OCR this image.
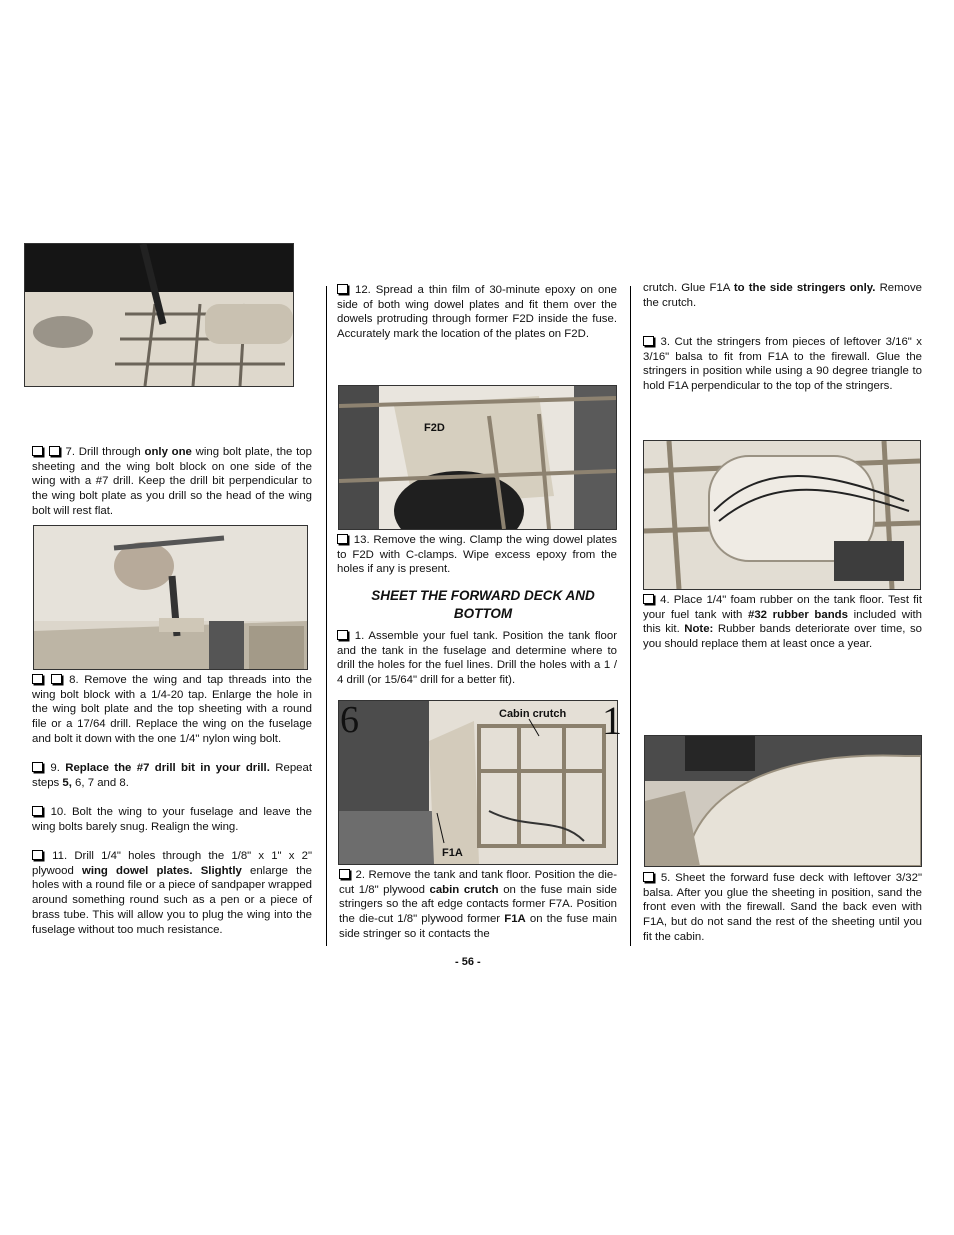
7. Drill through only one wing bolt plate, the top sheeting and the wing bolt block on one side of the wing with a #7 drill. Keep the drill bit perpendicular to the wing bolt plate as you drill so the head of the wing bolt will rest flat.

8. Remove the wing and tap threads into the wing bolt block with a 1/4-20 tap. Enlarge the hole in the wing bolt plate and the top sheeting with a round file or a 17/64 drill. Replace the wing on the fuselage and bolt it down with the one 1/4" nylon wing bolt.

9. Replace the #7 drill bit in your drill. Repeat steps 5, 6, 7 and 8.

10. Bolt the wing to your fuselage and leave the wing bolts barely snug. Realign the wing.

11. Drill 1/4" holes through the 1/8" x 1" x 2" plywood wing dowel plates. Slightly enlarge the holes with a round file or a piece of sandpaper wrapped around something round such as a pen or a piece of brass tube. This will allow you to plug the wing into the fuselage without too much resistance.

12. Spread a thin film of 30-minute epoxy on one side of both wing dowel plates and fit them over the dowels protruding through former F2D inside the fuse. Accurately mark the location of the plates on F2D.

F2D

13. Remove the wing. Clamp the wing dowel plates to F2D with C-clamps. Wipe excess epoxy from the holes if any is present.

SHEET THE FORWARD DECK AND BOTTOM

1. Assemble your fuel tank. Position the tank floor and the tank in the fuselage and determine where to drill the holes for the fuel lines. Drill the holes with a 1 / 4 drill (or 15/64" drill for a better fit).

Cabin crutch
F1A
6	1

2. Remove the tank and tank floor. Position the die-cut 1/8" plywood cabin crutch on the fuse main side stringers so the aft edge contacts former F7A. Position the die-cut 1/8" plywood former F1A on the fuse main side stringer so it contacts the

crutch. Glue F1A to the side stringers only. Remove the crutch.

3. Cut the stringers from pieces of leftover 3/16" x 3/16" balsa to fit from F1A to the firewall. Glue the stringers in position while using a 90 degree triangle to hold F1A perpendicular to the top of the stringers.

4. Place 1/4" foam rubber on the tank floor. Test fit your fuel tank with #32 rubber bands included with this kit. Note: Rubber bands deteriorate over time, so you should replace them at least once a year.

5. Sheet the forward fuse deck with leftover 3/32" balsa. After you glue the sheeting in position, sand the front even with the firewall. Sand the back even with F1A, but do not sand the rest of the sheeting until you fit the cabin.

- 56 -
